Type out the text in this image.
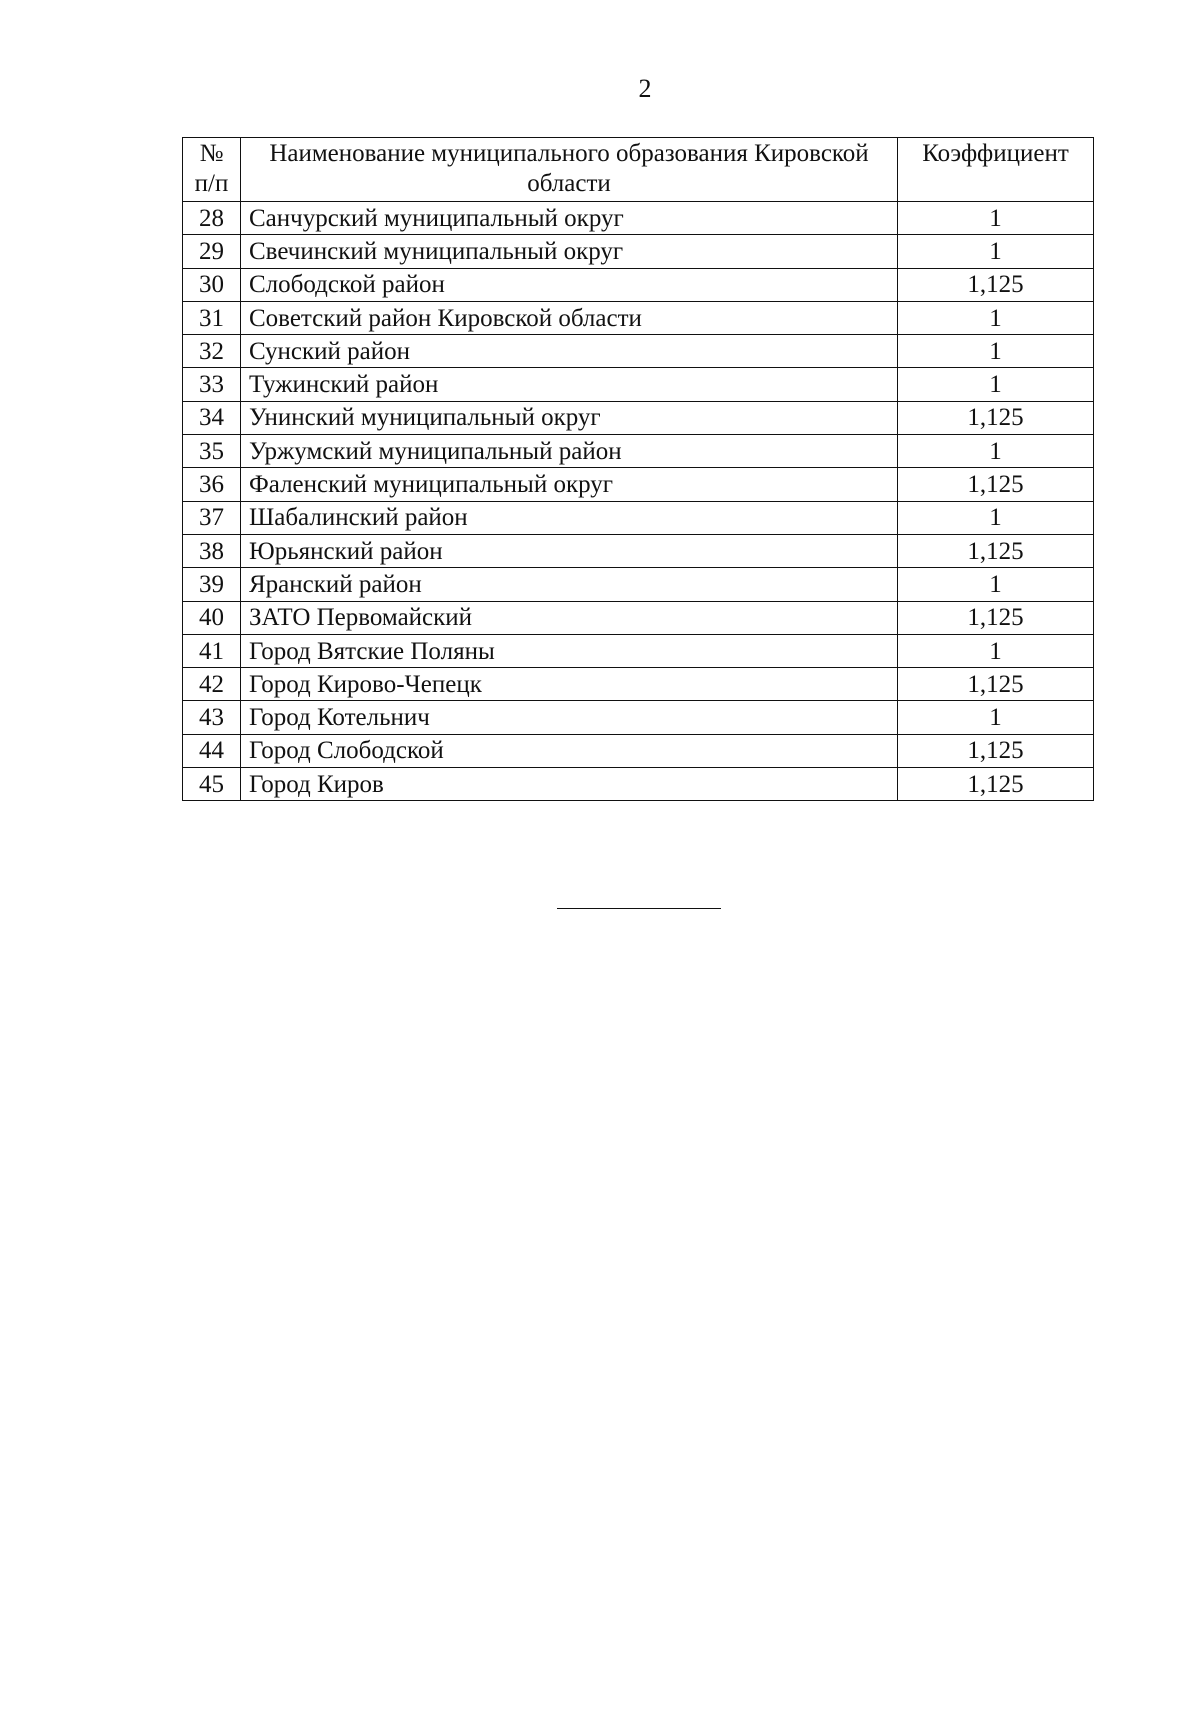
2
№ п/п	Наименование муниципального образования Кировской области	Коэффициент
28	Санчурский муниципальный округ	1
29	Свечинский муниципальный округ	1
30	Слободской район	1,125
31	Советский район Кировской области	1
32	Сунский район	1
33	Тужинский район	1
34	Унинский муниципальный округ	1,125
35	Уржумский муниципальный район	1
36	Фаленский муниципальный округ	1,125
37	Шабалинский район	1
38	Юрьянский район	1,125
39	Яранский район	1
40	ЗАТО Первомайский	1,125
41	Город Вятские Поляны	1
42	Город Кирово-Чепецк	1,125
43	Город Котельнич	1
44	Город Слободской	1,125
45	Город Киров	1,125
